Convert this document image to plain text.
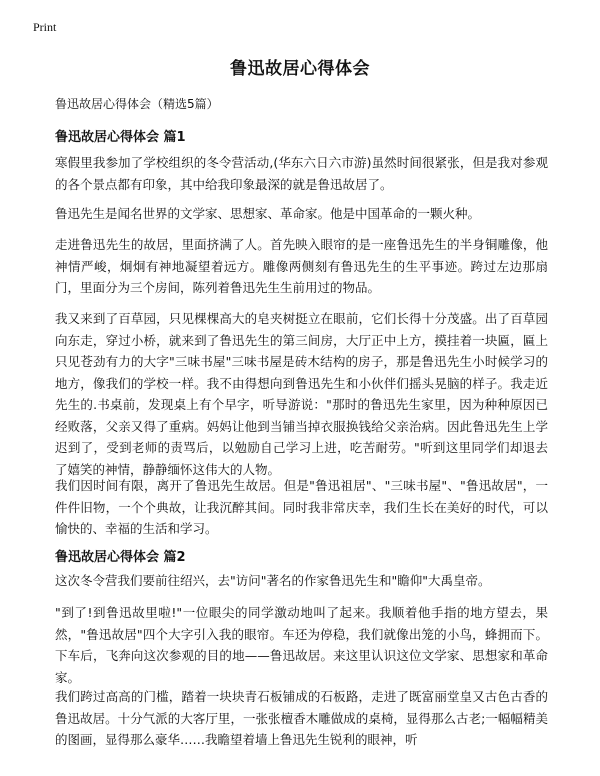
Print
鲁迅故居心得体会

鲁迅故居心得体会（精选5篇）

鲁迅故居心得体会 篇1

寒假里我参加了学校组织的冬令营活动,(华东六日六市游)虽然时间很紧张，但是我对参观的各个景点都有印象，其中给我印象最深的就是鲁迅故居了。

鲁迅先生是闻名世界的文学家、思想家、革命家。他是中国革命的一颗火种。

走进鲁迅先生的故居，里面挤满了人。首先映入眼帘的是一座鲁迅先生的半身铜雕像，他神情严峻，炯炯有神地凝望着远方。雕像两侧刻有鲁迅先生的生平事迹。跨过左边那扇门，里面分为三个房间，陈列着鲁迅先生生前用过的物品。

我又来到了百草园，只见棵棵高大的皂夹树挺立在眼前，它们长得十分茂盛。出了百草园向东走，穿过小桥，就来到了鲁迅先生的第三间房，大厅正中上方，摸挂着一块匾，匾上只见苍劲有力的大字"三味书屋"三味书屋是砖木结构的房子，那是鲁迅先生小时候学习的地方，像我们的学校一样。我不由得想向到鲁迅先生和小伙伴们摇头晃脑的样子。我走近先生的.书桌前，发现桌上有个早字，听导游说："那时的鲁迅先生家里，因为种种原因已经败落，父亲又得了重病。妈妈让他到当铺当掉衣服换钱给父亲治病。因此鲁迅先生上学迟到了，受到老师的责骂后，以勉励自己学习上进，吃苦耐劳。"听到这里同学们却退去了嬉笑的神情，静静缅怀这伟大的人物。

我们因时间有限，离开了鲁迅先生故居。但是"鲁迅祖居"、"三味书屋"、"鲁迅故居"，一件件旧物，一个个典故，让我沉醉其间。同时我非常庆幸，我们生长在美好的时代，可以愉快的、幸福的生活和学习。

鲁迅故居心得体会 篇2

这次冬令营我们要前往绍兴，去"访问"著名的作家鲁迅先生和"瞻仰"大禹皇帝。

"到了!到鲁迅故里啦!"一位眼尖的同学激动地叫了起来。我顺着他手指的地方望去，果然，"鲁迅故居"四个大字引入我的眼帘。车还为停稳，我们就像出笼的小鸟，蜂拥而下。下车后，飞奔向这次参观的目的地——鲁迅故居。来这里认识这位文学家、思想家和革命家。

我们跨过高高的门槛，踏着一块块青石板铺成的石板路，走进了既富丽堂皇又古色古香的鲁迅故居。十分气派的大客厅里，一张张檀香木雕做成的桌椅，显得那么古老;一幅幅精美的图画，显得那么豪华……我瞻望着墙上鲁迅先生锐利的眼神，听
